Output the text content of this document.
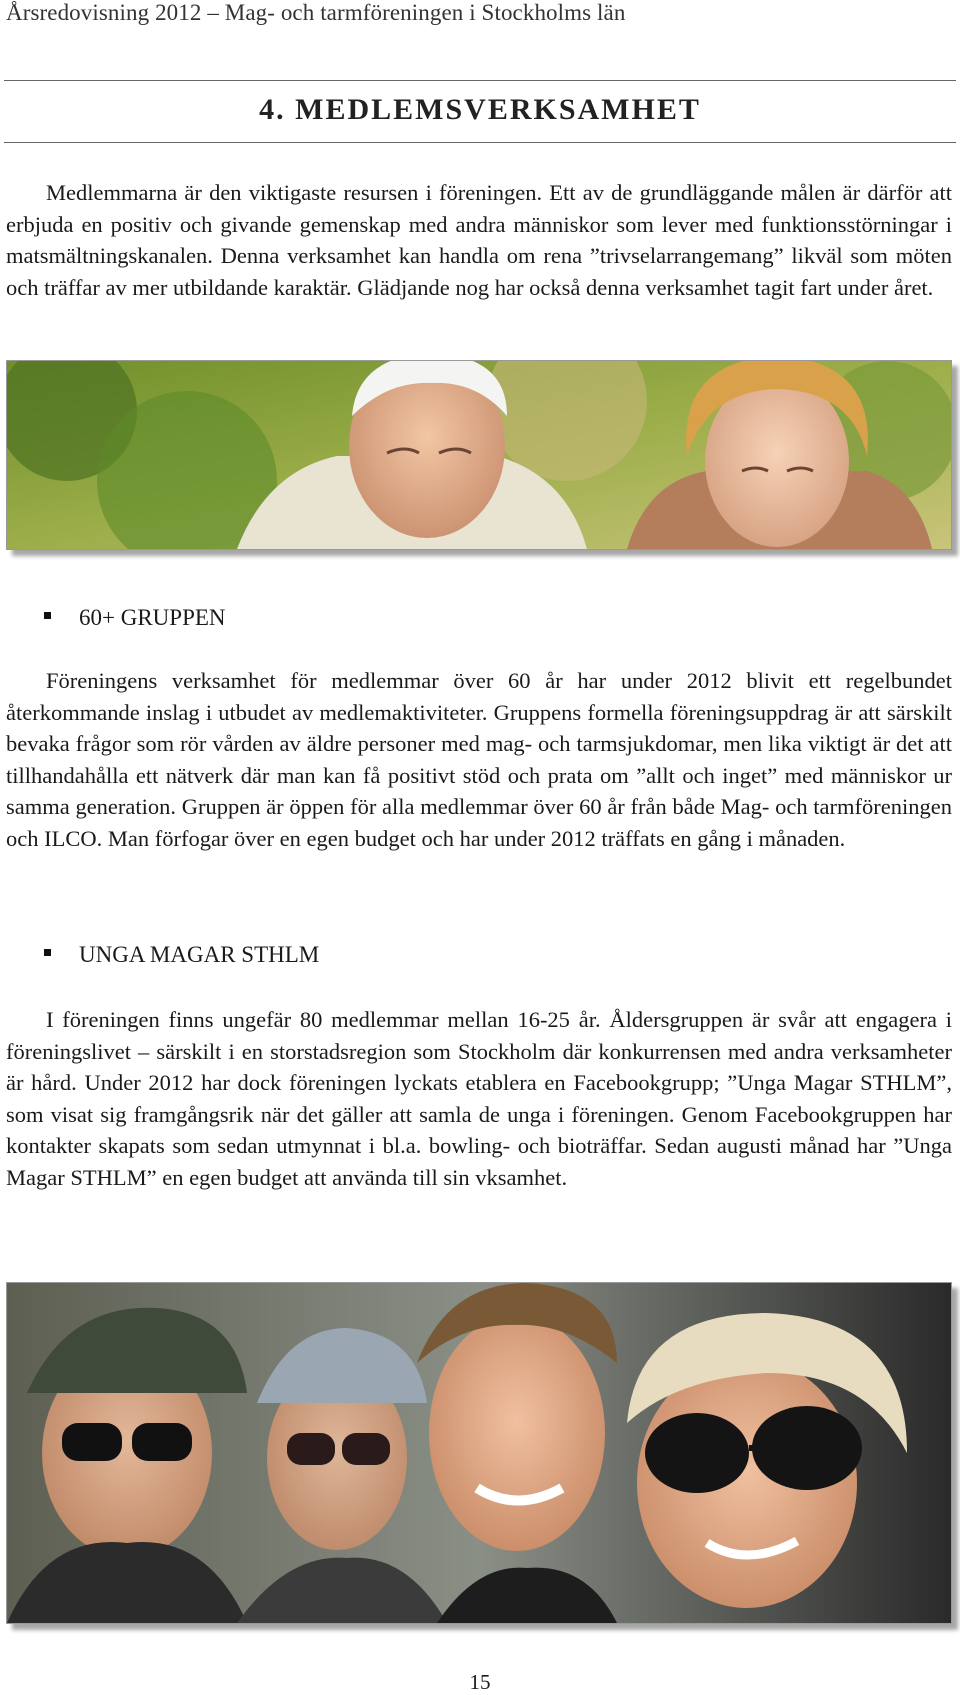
Årsredovisning 2012 – Mag- och tarmföreningen i Stockholms län
4. MEDLEMSVERKSAMHET

Medlemmarna är den viktigaste resursen i föreningen. Ett av de grundläggande målen är därför att erbjuda en positiv och givande gemenskap med andra människor som lever med funktionsstörningar i matsmältningskanalen. Denna verksamhet kan handla om rena ”trivselarrangemang” likväl som möten och träffar av mer utbildande karaktär. Glädjande nog har också denna verksamhet tagit fart under året.

60+ GRUPPEN

Föreningens verksamhet för medlemmar över 60 år har under 2012 blivit ett regelbundet återkommande inslag i utbudet av medlemaktiviteter. Gruppens formella föreningsuppdrag är att särskilt bevaka frågor som rör vården av äldre personer med mag- och tarmsjukdomar, men lika viktigt är det att tillhandahålla ett nätverk där man kan få positivt stöd och prata om ”allt och inget” med människor ur samma generation. Gruppen är öppen för alla medlemmar över 60 år från både Mag- och tarmföreningen och ILCO. Man förfogar över en egen budget och har under 2012 träffats en gång i månaden.

UNGA MAGAR STHLM

I föreningen finns ungefär 80 medlemmar mellan 16-25 år. Åldersgruppen är svår att engagera i föreningslivet – särskilt i en storstadsregion som Stockholm där konkurrensen med andra verksamheter är hård. Under 2012 har dock föreningen lyckats etablera en Facebookgrupp; ”Unga Magar STHLM”, som visat sig framgångsrik när det gäller att samla de unga i föreningen. Genom Facebookgruppen har kontakter skapats som sedan utmynnat i bl.a. bowling- och bioträffar. Sedan augusti månad har ”Unga Magar STHLM” en egen budget att använda till sin vksamhet.

15
